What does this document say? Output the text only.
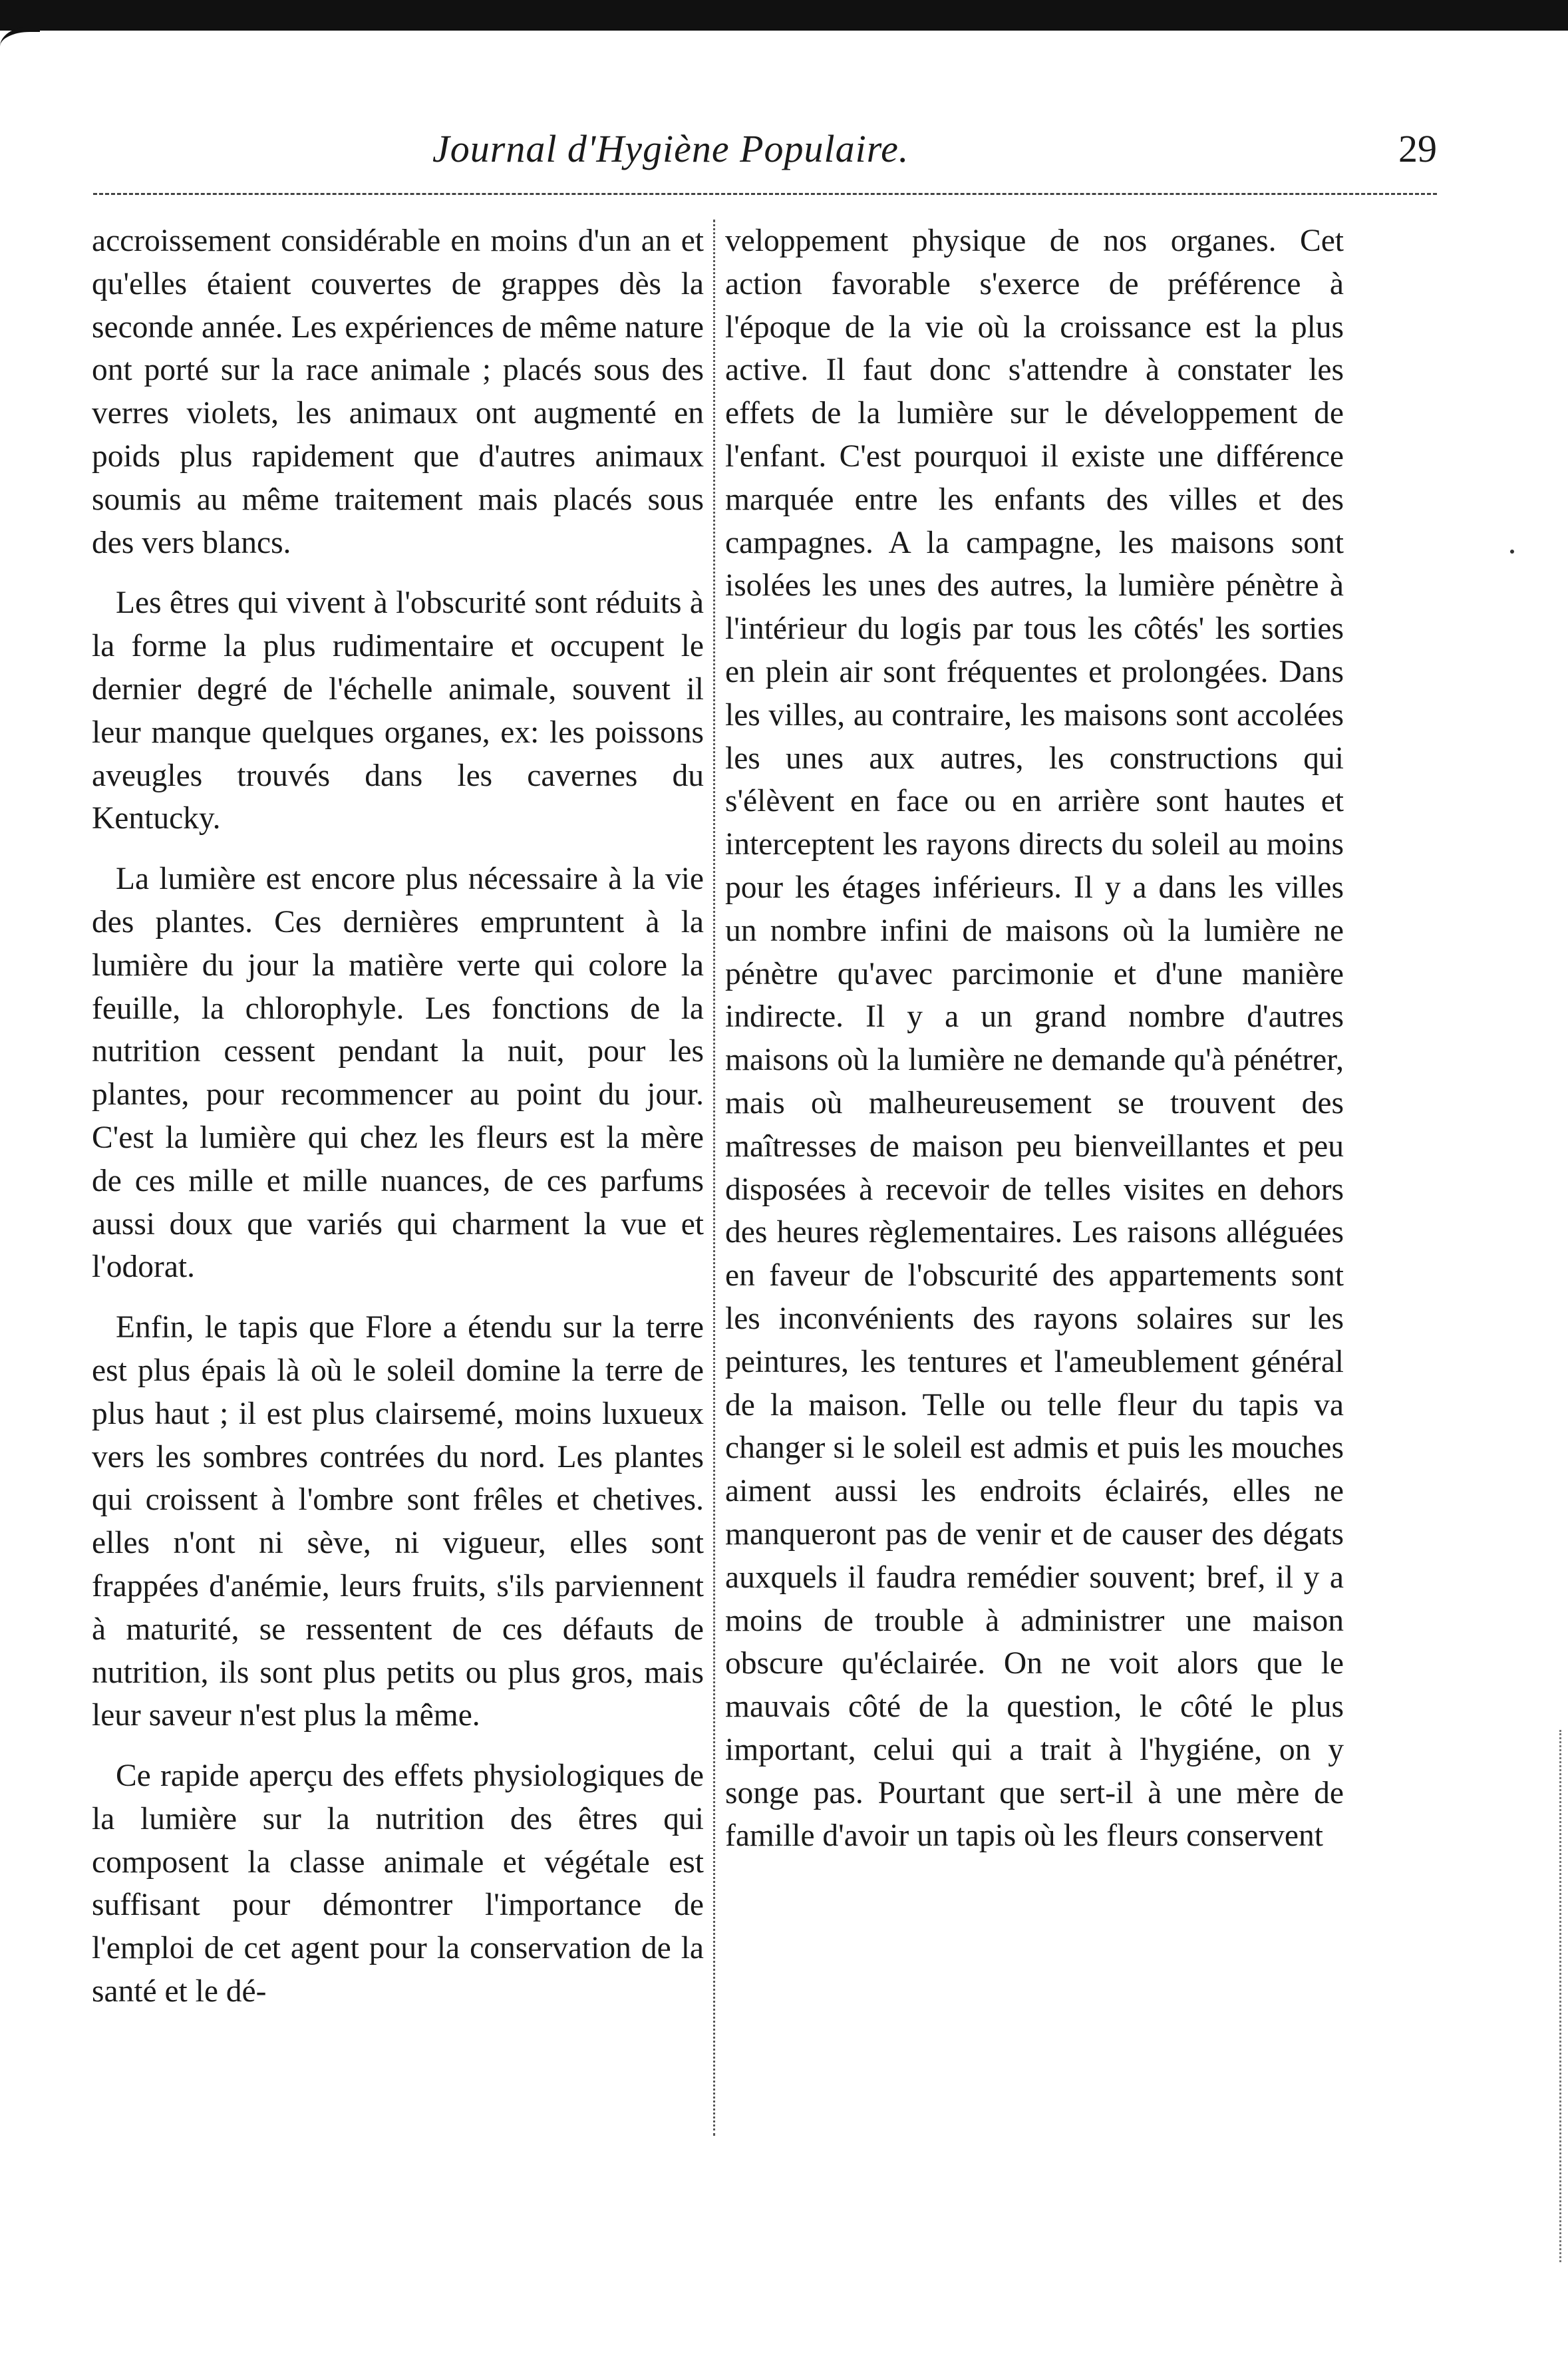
Journal d'Hygiène Populaire.	29

accroissement considérable en moins d'un an et qu'elles étaient couvertes de grappes dès la seconde année. Les expériences de même nature ont porté sur la race animale ; placés sous des verres violets, les animaux ont augmenté en poids plus rapidement que d'autres animaux soumis au même traitement mais placés sous des vers blancs.

Les êtres qui vivent à l'obscurité sont réduits à la forme la plus rudimentaire et occupent le dernier degré de l'échelle animale, souvent il leur manque quelques organes, ex: les poissons aveugles trouvés dans les cavernes du Kentucky.

La lumière est encore plus nécessaire à la vie des plantes. Ces dernières empruntent à la lumière du jour la matière verte qui colore la feuille, la chlorophyle. Les fonctions de la nutrition cessent pendant la nuit, pour les plantes, pour recommencer au point du jour. C'est la lumière qui chez les fleurs est la mère de ces mille et mille nuances, de ces parfums aussi doux que variés qui charment la vue et l'odorat.

Enfin, le tapis que Flore a étendu sur la terre est plus épais là où le soleil domine la terre de plus haut ; il est plus clairsemé, moins luxueux vers les sombres contrées du nord. Les plantes qui croissent à l'ombre sont frêles et chetives. elles n'ont ni sève, ni vigueur, elles sont frappées d'anémie, leurs fruits, s'ils parviennent à maturité, se ressentent de ces défauts de nutrition, ils sont plus petits ou plus gros, mais leur saveur n'est plus la même.

Ce rapide aperçu des effets physiologiques de la lumière sur la nutrition des êtres qui composent la classe animale et végétale est suffisant pour démontrer l'importance de l'emploi de cet agent pour la conservation de la santé et le dé-

veloppement physique de nos organes. Cet action favorable s'exerce de préférence à l'époque de la vie où la croissance est la plus active. Il faut donc s'attendre à constater les effets de la lumière sur le développement de l'enfant. C'est pourquoi il existe une différence marquée entre les enfants des villes et des campagnes. A la campagne, les maisons sont isolées les unes des autres, la lumière pénètre à l'intérieur du logis par tous les côtés' les sorties en plein air sont fréquentes et prolongées. Dans les villes, au contraire, les maisons sont accolées les unes aux autres, les constructions qui s'élèvent en face ou en arrière sont hautes et interceptent les rayons directs du soleil au moins pour les étages inférieurs. Il y a dans les villes un nombre infini de maisons où la lumière ne pénètre qu'avec parcimonie et d'une manière indirecte. Il y a un grand nombre d'autres maisons où la lumière ne demande qu'à pénétrer, mais où malheureusement se trouvent des maîtresses de maison peu bienveillantes et peu disposées à recevoir de telles visites en dehors des heures règlementaires. Les raisons alléguées en faveur de l'obscurité des appartements sont les inconvénients des rayons solaires sur les peintures, les tentures et l'ameublement général de la maison. Telle ou telle fleur du tapis va changer si le soleil est admis et puis les mouches aiment aussi les endroits éclairés, elles ne manqueront pas de venir et de causer des dégats auxquels il faudra remédier souvent; bref, il y a moins de trouble à administrer une maison obscure qu'éclairée. On ne voit alors que le mauvais côté de la question, le côté le plus important, celui qui a trait à l'hygiéne, on y songe pas. Pourtant que sert-il à une mère de famille d'avoir un tapis où les fleurs conservent
